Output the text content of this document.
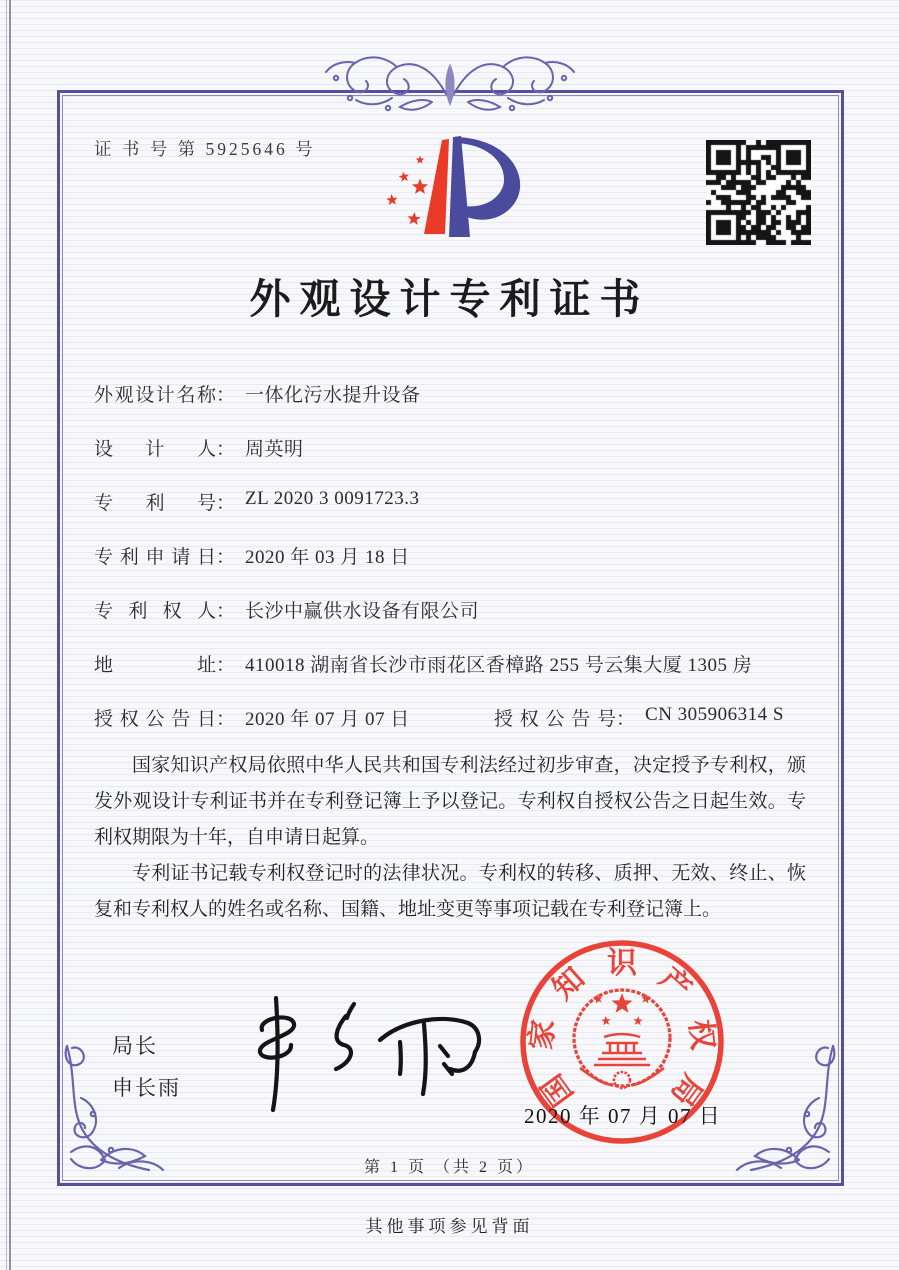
证 书 号 第 5925646 号
外观设计专利证书
外观设计名称 ： 一体化污水提升设备
设计人 ： 周英明
专利号 ： ZL 2020 3 0091723.3
专利申请日 ： 2020 年 03 月 18 日
专利权人 ： 长沙中赢供水设备有限公司
地址 ： 410018 湖南省长沙市雨花区香樟路 255 号云集大厦 1305 房
授权公告日 ： 2020 年 07 月 07 日	授权公告号 ： CN 305906314 S

国家知识产权局依照中华人民共和国专利法经过初步审查，决定授予专利权，颁发外观设计专利证书并在专利登记簿上予以登记。专利权自授权公告之日起生效。专利权期限为十年，自申请日起算。

专利证书记载专利权登记时的法律状况。专利权的转移、质押、无效、终止、恢复和专利权人的姓名或名称、国籍、地址变更等事项记载在专利登记簿上。

局长
申长雨	国
家
知 识 产
权
局
2020 年 07 月 07 日
第 1 页 （共 2 页）
其他事项参见背面
